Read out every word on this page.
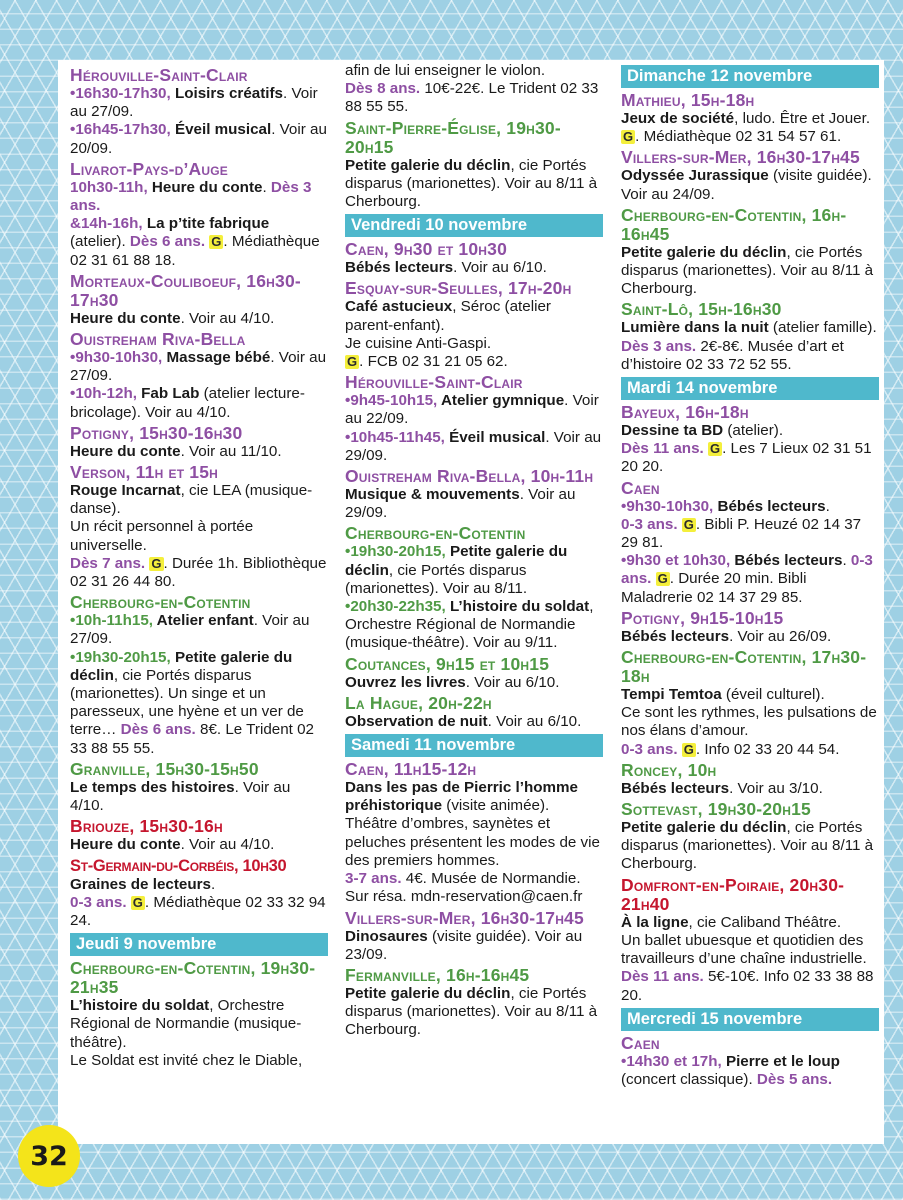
Hérouville-Saint-Clair
•16h30-17h30, Loisirs créatifs. Voir au 27/09.
•16h45-17h30, Éveil musical. Voir au 20/09.
Livarot-Pays-d’Auge
10h30-11h, Heure du conte. Dès 3 ans.
&14h-16h, La p’tite fabrique (atelier). Dès 6 ans. G . Médiathèque 02 31 61 88 18.
Morteaux-Couliboeuf, 16h30-17h30
Heure du conte. Voir au 4/10.
Ouistreham Riva-Bella
•9h30-10h30, Massage bébé. Voir au 27/09.
•10h-12h, Fab Lab (atelier lecture-bricolage). Voir au 4/10.
Potigny, 15h30-16h30
Heure du conte. Voir au 11/10.
Verson, 11h et 15h
Rouge Incarnat, cie LEA (musique-danse).
Un récit personnel à portée universelle.
Dès 7 ans. G . Durée 1h. Bibliothèque 02 31 26 44 80.
Cherbourg-en-Cotentin
•10h-11h15, Atelier enfant. Voir au 27/09.
•19h30-20h15, Petite galerie du déclin, cie Portés disparus (marionettes). Un singe et un paresseux, une hyène et un ver de terre… Dès 6 ans. 8€. Le Trident 02 33 88 55 55.
Granville, 15h30-15h50
Le temps des histoires. Voir au 4/10.
Briouze, 15h30-16h
Heure du conte. Voir au 4/10.
St-Germain-du-Corbéis, 10h30
Graines de lecteurs.
0-3 ans. G . Médiathèque 02 33 32 94 24.
Jeudi 9 novembre
Cherbourg-en-Cotentin, 19h30-21h35
L’histoire du soldat, Orchestre Régional de Normandie (musique-théâtre).
Le Soldat est invité chez le Diable,
afin de lui enseigner le violon.
Dès 8 ans. 10€-22€. Le Trident 02 33 88 55 55.
Saint-Pierre-Église, 19h30-20h15
Petite galerie du déclin, cie Portés disparus (marionettes). Voir au 8/11 à Cherbourg.
Vendredi 10 novembre
Caen, 9h30 et 10h30
Bébés lecteurs. Voir au 6/10.
Esquay-sur-Seulles, 17h-20h
Café astucieux, Séroc (atelier parent-enfant).
Je cuisine Anti-Gaspi.
G . FCB 02 31 21 05 62.
Hérouville-Saint-Clair
•9h45-10h15, Atelier gymnique. Voir au 22/09.
•10h45-11h45, Éveil musical. Voir au 29/09.
Ouistreham Riva-Bella, 10h-11h
Musique & mouvements. Voir au 29/09.
Cherbourg-en-Cotentin
•19h30-20h15, Petite galerie du déclin, cie Portés disparus (marionettes). Voir au 8/11.
•20h30-22h35, L’histoire du soldat, Orchestre Régional de Normandie (musique-théâtre). Voir au 9/11.
Coutances, 9h15 et 10h15
Ouvrez les livres. Voir au 6/10.
La Hague, 20h-22h
Observation de nuit. Voir au 6/10.
Samedi 11 novembre
Caen, 11h15-12h
Dans les pas de Pierric l’homme préhistorique (visite animée).
Théâtre d’ombres, saynètes et peluches présentent les modes de vie des premiers hommes.
3-7 ans. 4€. Musée de Normandie. Sur résa. mdn-reservation@caen.fr
Villers-sur-Mer, 16h30-17h45
Dinosaures (visite guidée). Voir au 23/09.
Fermanville, 16h-16h45
Petite galerie du déclin, cie Portés disparus (marionettes). Voir au 8/11 à Cherbourg.
Dimanche 12 novembre
Mathieu, 15h-18h
Jeux de société, ludo. Être et Jouer.
G . Médiathèque 02 31 54 57 61.
Villers-sur-Mer, 16h30-17h45
Odyssée Jurassique (visite guidée). Voir au 24/09.
Cherbourg-en-Cotentin, 16h-16h45
Petite galerie du déclin, cie Portés disparus (marionettes). Voir au 8/11 à Cherbourg.
Saint-Lô, 15h-16h30
Lumière dans la nuit (atelier famille).
Dès 3 ans. 2€-8€. Musée d’art et d’histoire 02 33 72 52 55.
Mardi 14 novembre
Bayeux, 16h-18h
Dessine ta BD (atelier).
Dès 11 ans. G . Les 7 Lieux 02 31 51 20 20.
Caen
•9h30-10h30, Bébés lecteurs.
0-3 ans. G . Bibli P. Heuzé 02 14 37 29 81.
•9h30 et 10h30, Bébés lecteurs. 0-3 ans. G . Durée 20 min. Bibli Maladrerie 02 14 37 29 85.
Potigny, 9h15-10h15
Bébés lecteurs. Voir au 26/09.
Cherbourg-en-Cotentin, 17h30-18h
Tempi Temtoa (éveil culturel).
Ce sont les rythmes, les pulsations de nos élans d’amour.
0-3 ans. G . Info 02 33 20 44 54.
Roncey, 10h
Bébés lecteurs. Voir au 3/10.
Sottevast, 19h30-20h15
Petite galerie du déclin, cie Portés disparus (marionettes). Voir au 8/11 à Cherbourg.
Domfront-en-Poiraie, 20h30-21h40
À la ligne, cie Caliband Théâtre.
Un ballet ubuesque et quotidien des travailleurs d’une chaîne industrielle.
Dès 11 ans. 5€-10€. Info 02 33 38 88 20.
Mercredi 15 novembre
Caen
•14h30 et 17h, Pierre et le loup (concert classique). Dès 5 ans.
32
